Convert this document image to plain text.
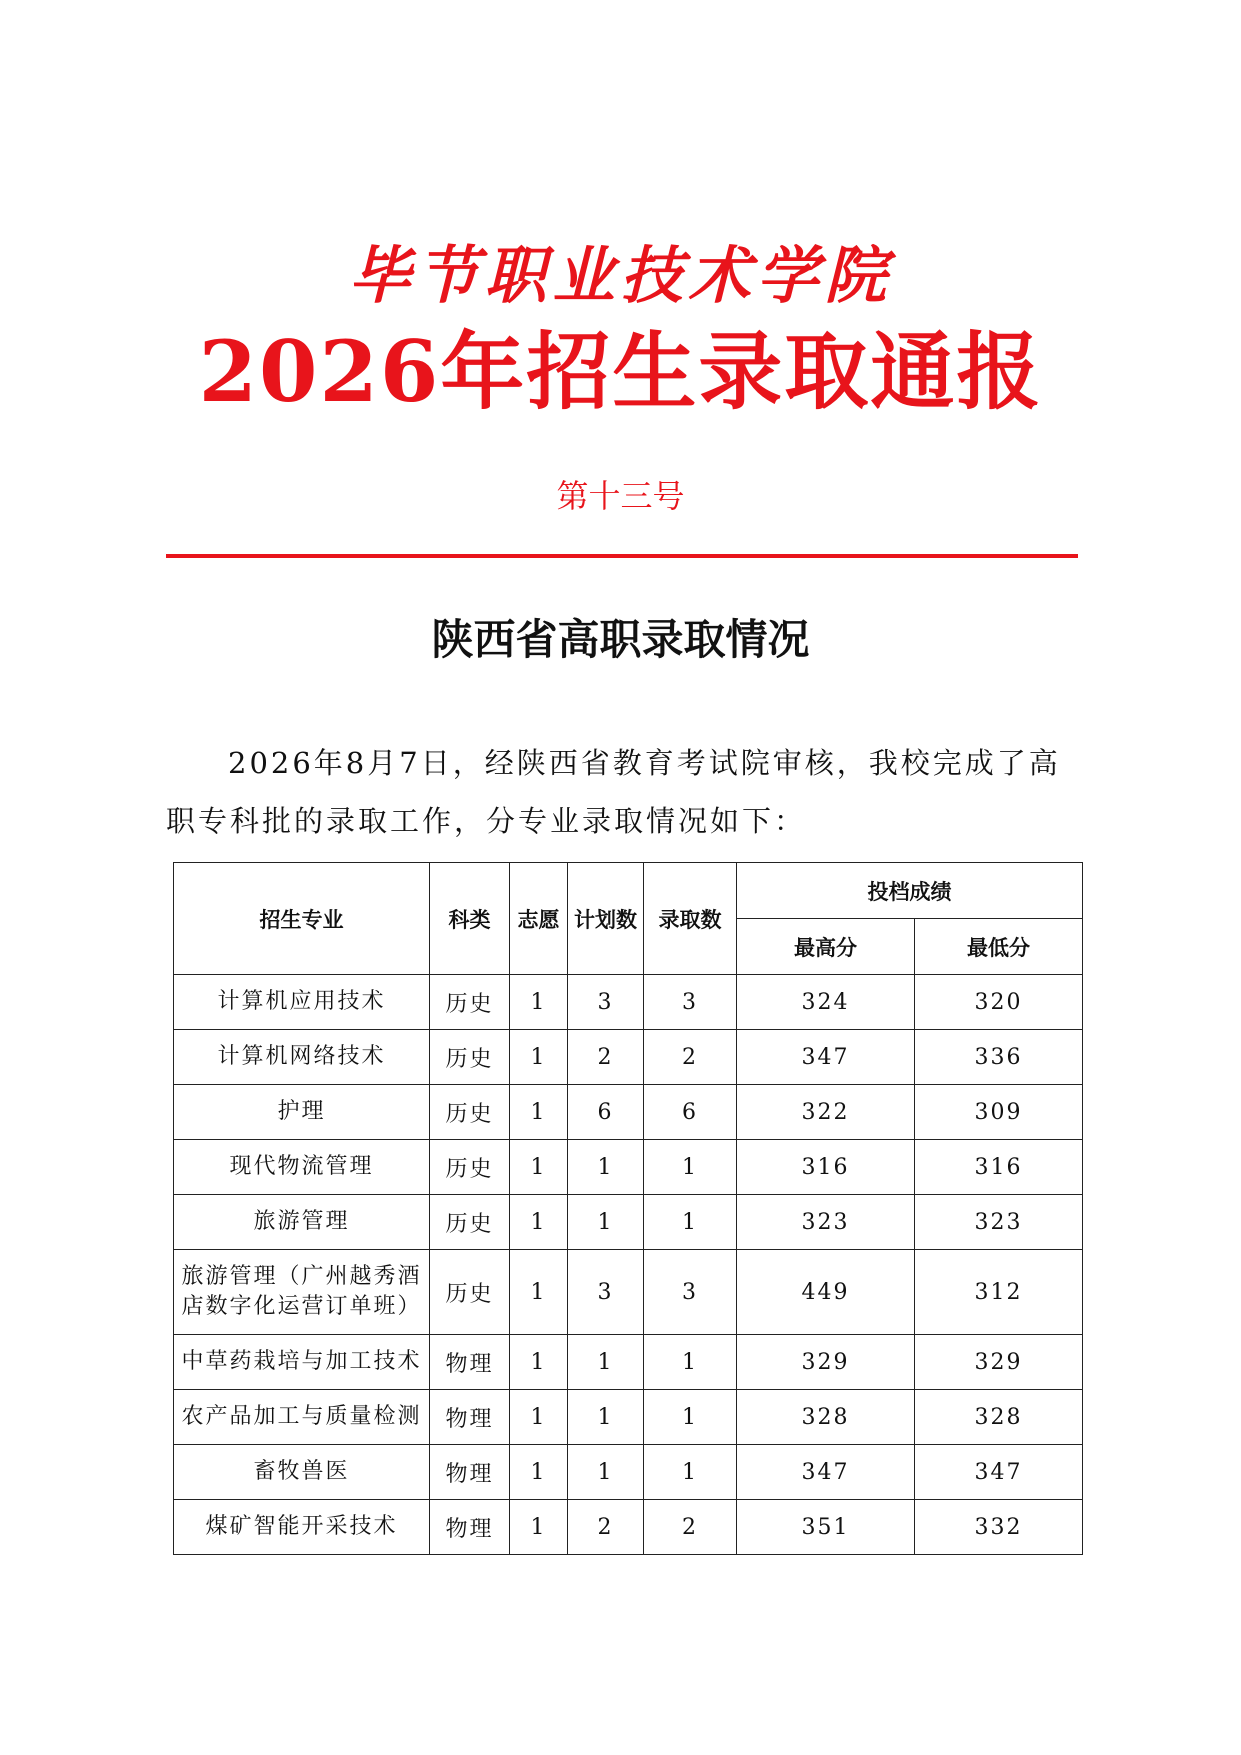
毕节职业技术学院
2026年招生录取通报
第十三号
陕西省高职录取情况

2026年8月7日，经陕西省教育考试院审核，我校完成了高职专科批的录取工作，分专业录取情况如下：

招生专业	科类	志愿	计划数	录取数	投档成绩	
					最高分	最低分
计算机应用技术	历史	1	3	3	324	320
计算机网络技术	历史	1	2	2	347	336
护理	历史	1	6	6	322	309
现代物流管理	历史	1	1	1	316	316
旅游管理	历史	1	1	1	323	323
旅游管理（广州越秀酒店数字化运营订单班）	历史	1	3	3	449	312
中草药栽培与加工技术	物理	1	1	1	329	329
农产品加工与质量检测	物理	1	1	1	328	328
畜牧兽医	物理	1	1	1	347	347
煤矿智能开采技术	物理	1	2	2	351	332
